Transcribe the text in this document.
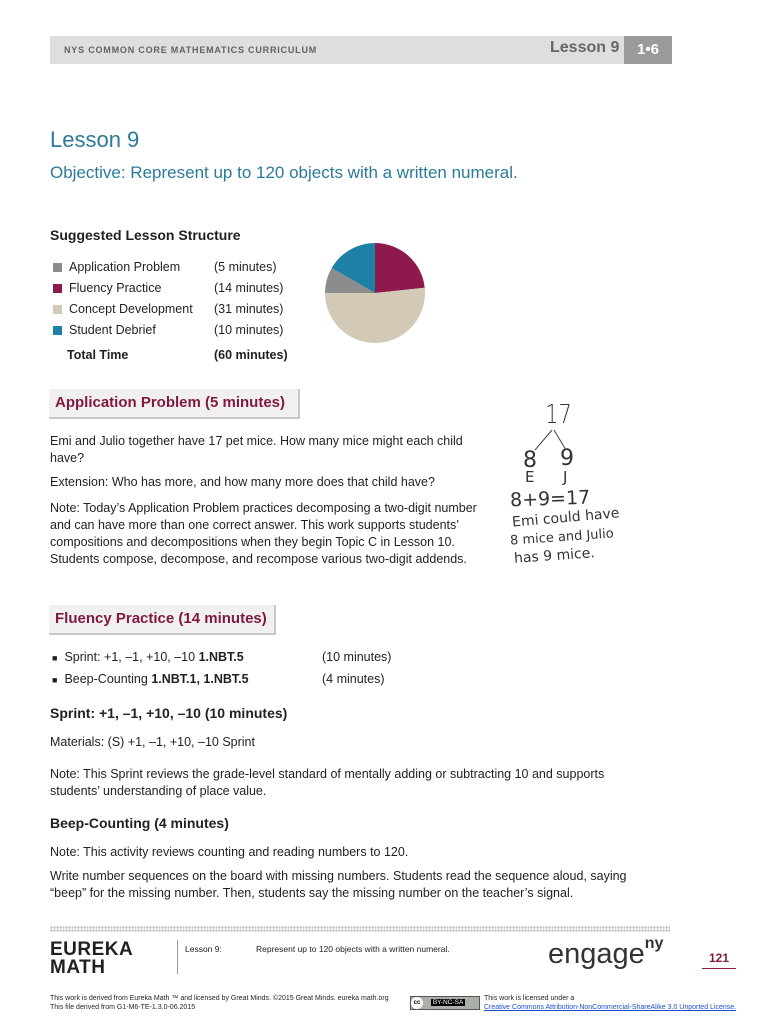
NYS COMMON CORE MATHEMATICS CURRICULUM	Lesson 9	1•6
Lesson 9
Objective: Represent up to 120 objects with a written numeral.
Suggested Lesson Structure
Application Problem	(5 minutes)
Fluency Practice	(14 minutes)
Concept Development (31 minutes)
Student Debrief	(10 minutes)
Total Time	(60 minutes)
Application Problem (5 minutes)
Emi and Julio together have 17 pet mice. How many mice might each child have?
Extension: Who has more, and how many more does that child have?
Note: Today’s Application Problem practices decomposing a two-digit number and can have more than one correct answer. This work supports students’ compositions and decompositions when they begin Topic C in Lesson 10. Students compose, decompose, and recompose various two-digit addends.
17
8 9
E J
8+9=17
Emi could have
8 mice and Julio
has 9 mice.
Fluency Practice (14 minutes)
■ Sprint: +1, –1, +10, –10 1.NBT.5	(10 minutes)
■ Beep-Counting 1.NBT.1, 1.NBT.5	(4 minutes)
Sprint: +1, –1, +10, –10 (10 minutes)
Materials: (S) +1, –1, +10, –10 Sprint
Note: This Sprint reviews the grade-level standard of mentally adding or subtracting 10 and supports students’ understanding of place value.
Beep-Counting (4 minutes)
Note: This activity reviews counting and reading numbers to 120.
Write number sequences on the board with missing numbers. Students read the sequence aloud, saying “beep” for the missing number. Then, students say the missing number on the teacher’s signal.
EUREKA
MATH
Lesson 9:	Represent up to 120 objects with a written numeral.	engage$^{ny}$
121
This work is derived from Eureka Math ™ and licensed by Great Minds. ©2015 Great Minds. eureka math.org
This file derived from G1-M6-TE-1.3.0-06.2015
cc BY-NC-SA
This work is licensed under a
Creative Commons Attribution-NonCommercial-ShareAlike 3.0 Unported License.
